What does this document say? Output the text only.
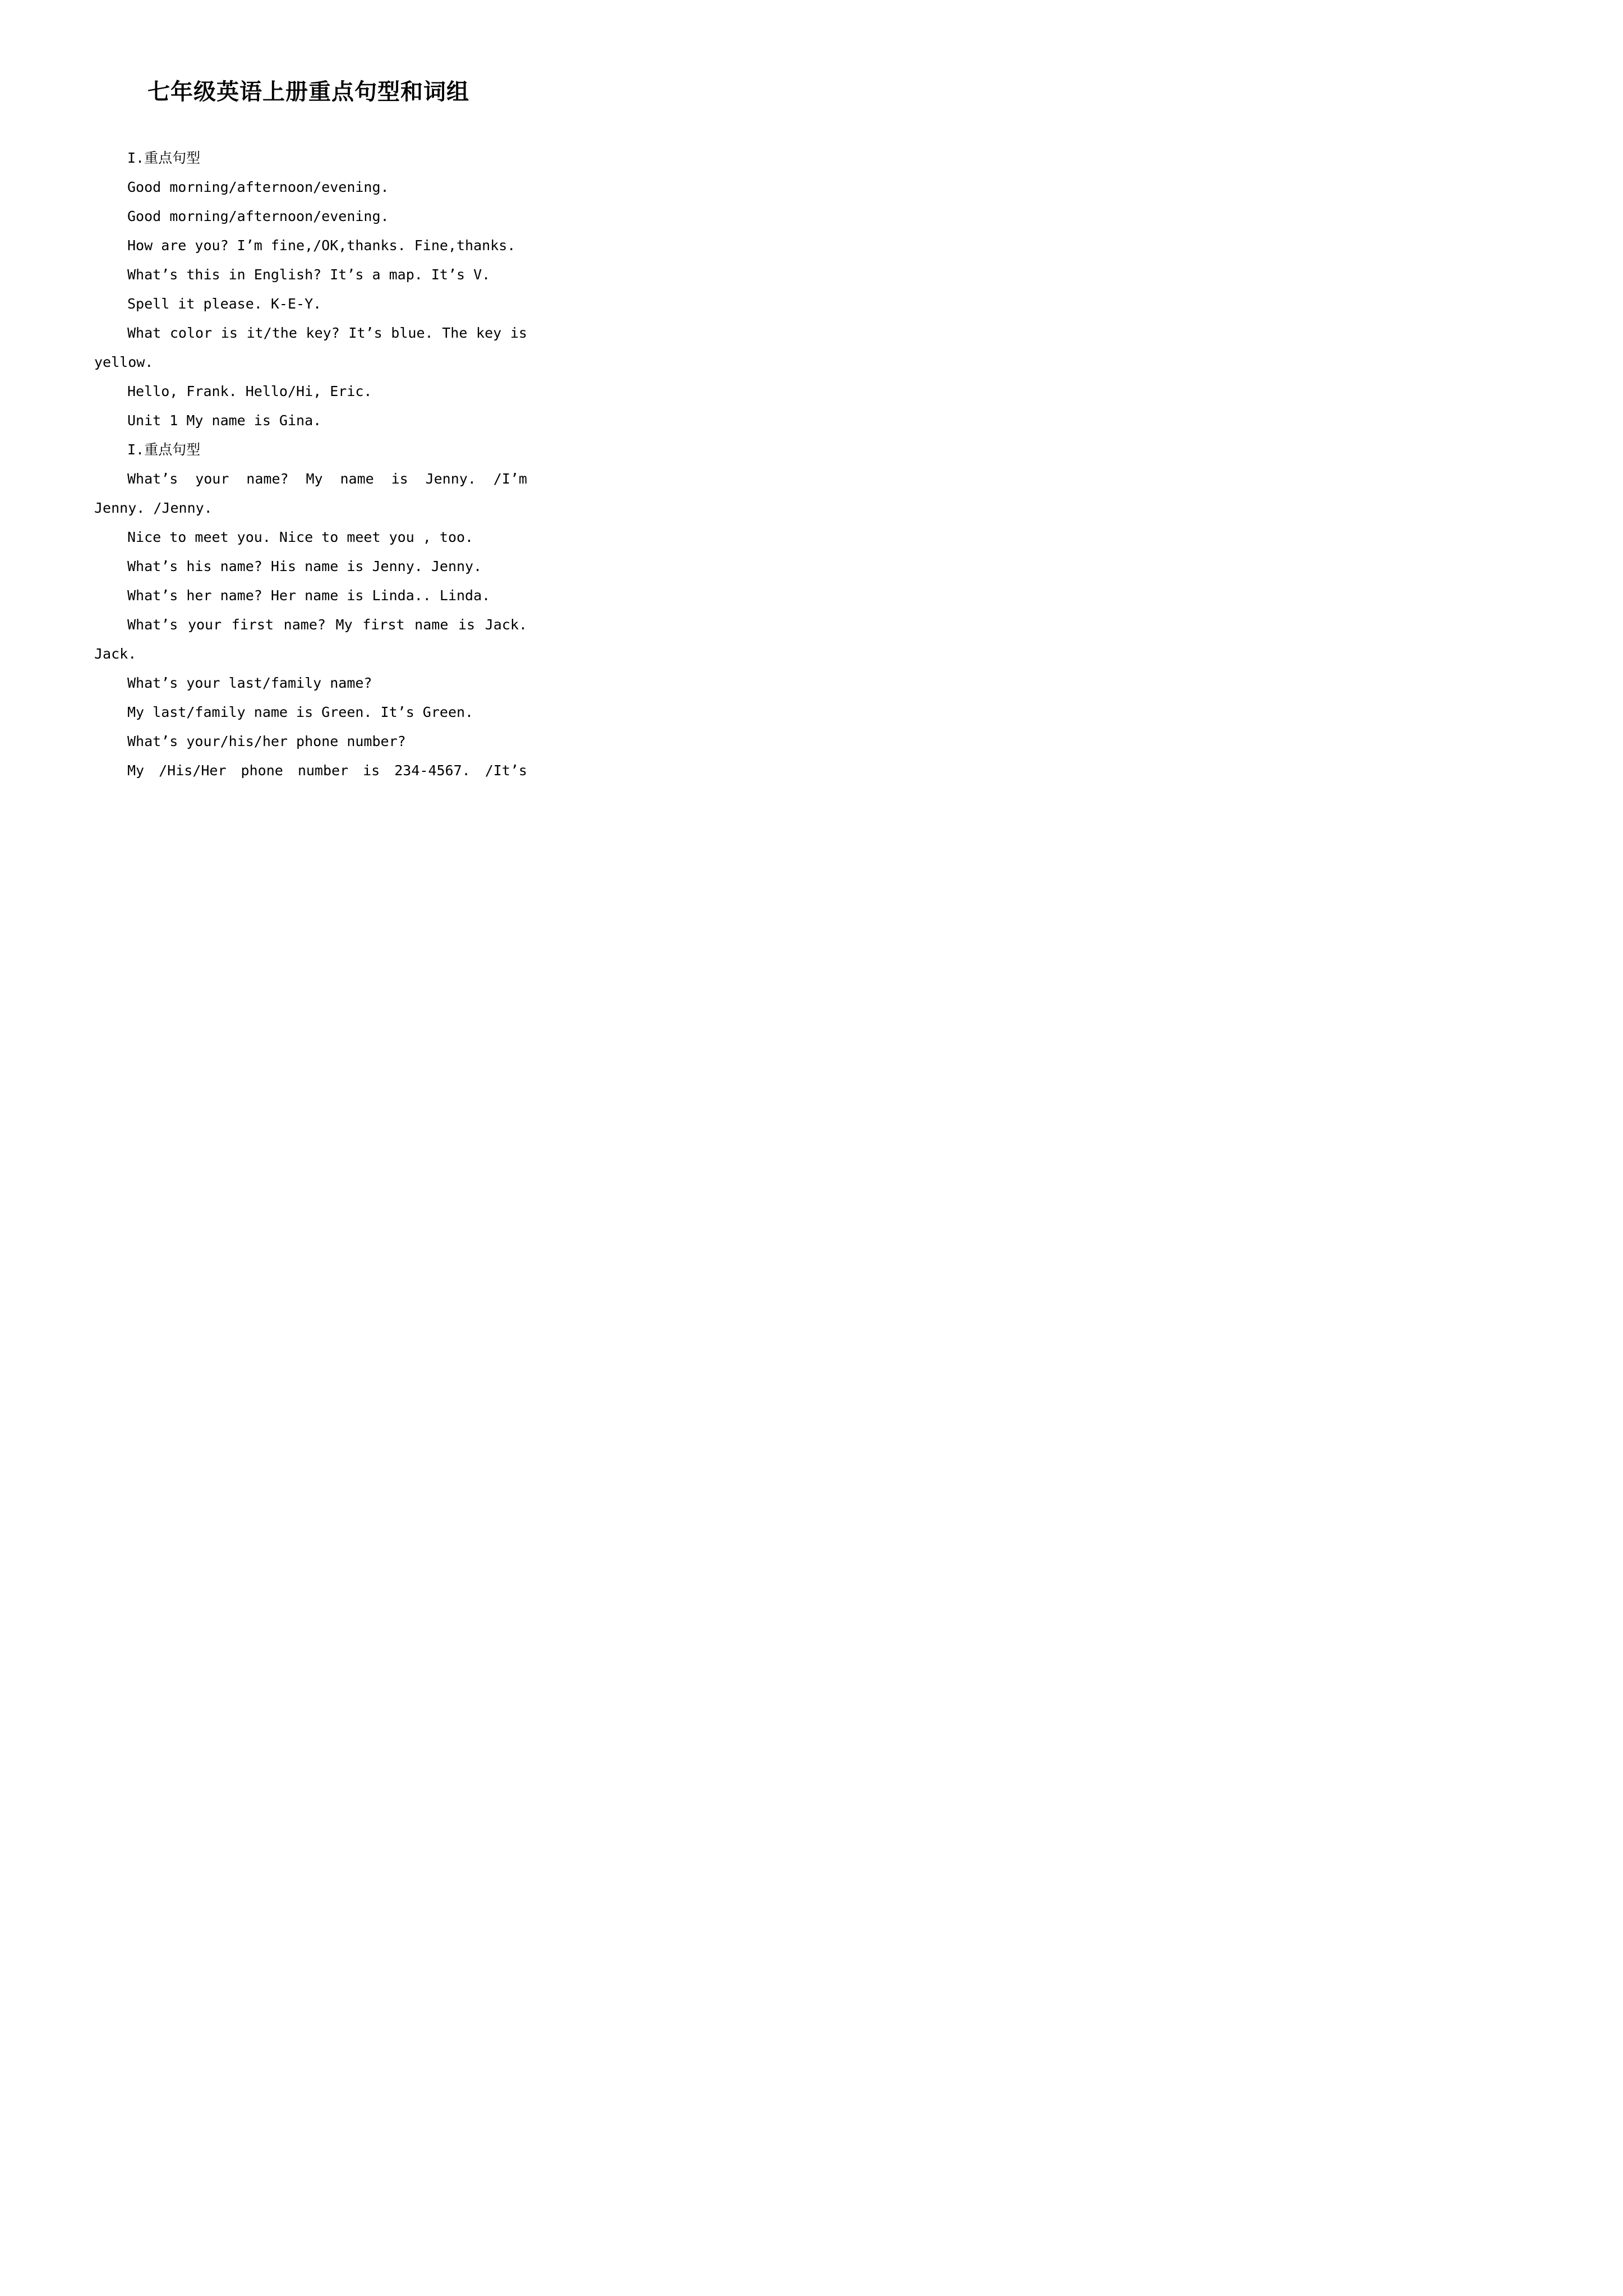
七年级英语上册重点句型和词组
I.重点句型
Good morning/afternoon/evening.
Good morning/afternoon/evening.
How are you? I’m fine,/OK,thanks. Fine,thanks.
What’s this in English? It’s a map. It’s V.
Spell it please. K-E-Y.
What color is it/the key? It’s blue. The key is
yellow.
Hello, Frank. Hello/Hi, Eric.
Unit 1 My name is Gina.
I.重点句型
What’s your name? My name is Jenny. /I’m
Jenny. /Jenny.
Nice to meet you. Nice to meet you , too.
What’s his name? His name is Jenny. Jenny.
What’s her name? Her name is Linda.. Linda.
What’s your first name? My first name is Jack.
Jack.
What’s your last/family name?
My last/family name is Green. It’s Green.
What’s your/his/her phone number?
My /His/Her phone number is 234-4567. /It’s
